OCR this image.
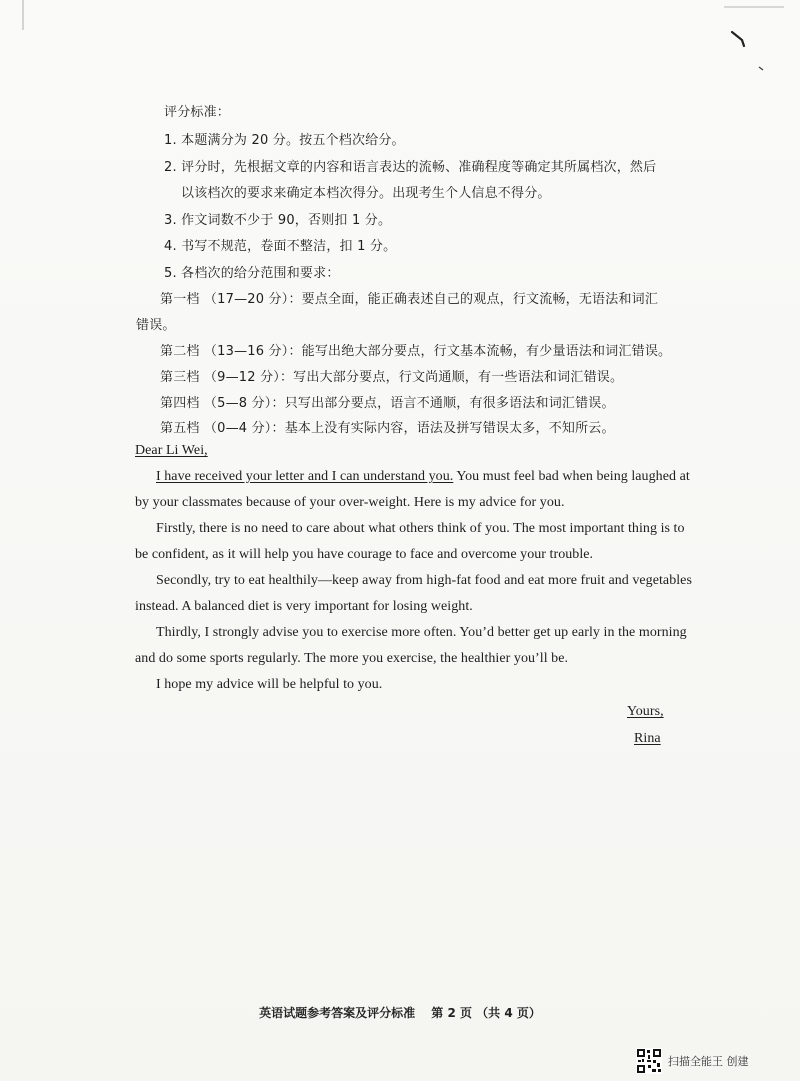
评分标准：
1. 本题满分为 20 分。按五个档次给分。
2. 评分时，先根据文章的内容和语言表达的流畅、准确程度等确定其所属档次，然后
以该档次的要求来确定本档次得分。出现考生个人信息不得分。
3. 作文词数不少于 90，否则扣 1 分。
4. 书写不规范，卷面不整洁，扣 1 分。
5. 各档次的给分范围和要求：
第一档 （17—20 分）：要点全面，能正确表述自己的观点，行文流畅，无语法和词汇
错误。
第二档 （13—16 分）：能写出绝大部分要点，行文基本流畅，有少量语法和词汇错误。
第三档 （9—12 分）：写出大部分要点，行文尚通顺，有一些语法和词汇错误。
第四档 （5—8 分）：只写出部分要点，语言不通顺，有很多语法和词汇错误。
第五档 （0—4 分）：基本上没有实际内容，语法及拼写错误太多，不知所云。
Dear Li Wei,
I have received your letter and I can understand you. You must feel bad when being laughed at
by your classmates because of your over-weight. Here is my advice for you.
Firstly, there is no need to care about what others think of you. The most important thing is to
be confident, as it will help you have courage to face and overcome your trouble.
Secondly, try to eat healthily—keep away from high-fat food and eat more fruit and vegetables
instead. A balanced diet is very important for losing weight.
Thirdly, I strongly advise you to exercise more often. You’d better get up early in the morning
and do some sports regularly. The more you exercise, the healthier you’ll be.
I hope my advice will be helpful to you.
Yours,
Rina
英语试题参考答案及评分标准　 第 2 页 （共 4 页）
扫描全能王 创建
